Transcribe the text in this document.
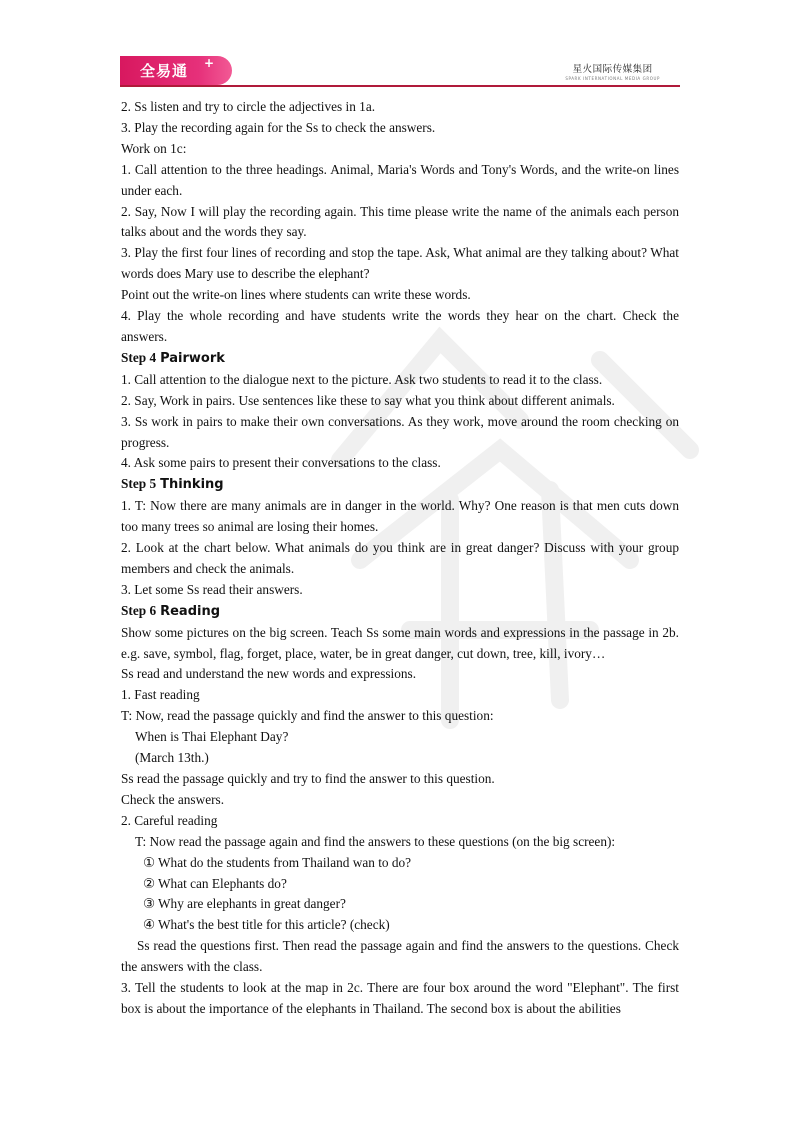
全易通 +	星火国际传媒集团
SPARK INTERNATIONAL MEDIA GROUP

2. Ss listen and try to circle the adjectives in 1a.

3. Play the recording again for the Ss to check the answers.

Work on 1c:

1. Call attention to the three headings. Animal, Maria's Words and Tony's Words, and the write-on lines under each.

2. Say, Now I will play the recording again. This time please write the name of the animals each person talks about and the words they say.

3. Play the first four lines of recording and stop the tape. Ask, What animal are they talking about? What words does Mary use to describe the elephant?

Point out the write-on lines where students can write these words.

4. Play the whole recording and have students write the words they hear on the chart. Check the answers.

Step 4 Pairwork

1. Call attention to the dialogue next to the picture. Ask two students to read it to the class.

2. Say, Work in pairs. Use sentences like these to say what you think about different animals.

3. Ss work in pairs to make their own conversations. As they work, move around the room checking on progress.

4. Ask some pairs to present their conversations to the class.

Step 5 Thinking

1. T: Now there are many animals are in danger in the world. Why? One reason is that men cuts down too many trees so animal are losing their homes.

2. Look at the chart below. What animals do you think are in great danger? Discuss with your group members and check the animals.

3. Let some Ss read their answers.

Step 6 Reading

Show some pictures on the big screen. Teach Ss some main words and expressions in the passage in 2b. e.g. save, symbol, flag, forget, place, water, be in great danger, cut down, tree, kill, ivory…

Ss read and understand the new words and expressions.

1. Fast reading

T: Now, read the passage quickly and find the answer to this question:

When is Thai Elephant Day?

(March 13th.)

Ss read the passage quickly and try to find the answer to this question.

Check the answers.

2. Careful reading

T: Now read the passage again and find the answers to these questions (on the big screen):

① What do the students from Thailand wan to do?

② What can Elephants do?

③ Why are elephants in great danger?

④ What's the best title for this article? (check)

Ss read the questions first. Then read the passage again and find the answers to the questions. Check the answers with the class.

3. Tell the students to look at the map in 2c. There are four box around the word "Elephant". The first box is about the importance of the elephants in Thailand. The second box is about the abilities
